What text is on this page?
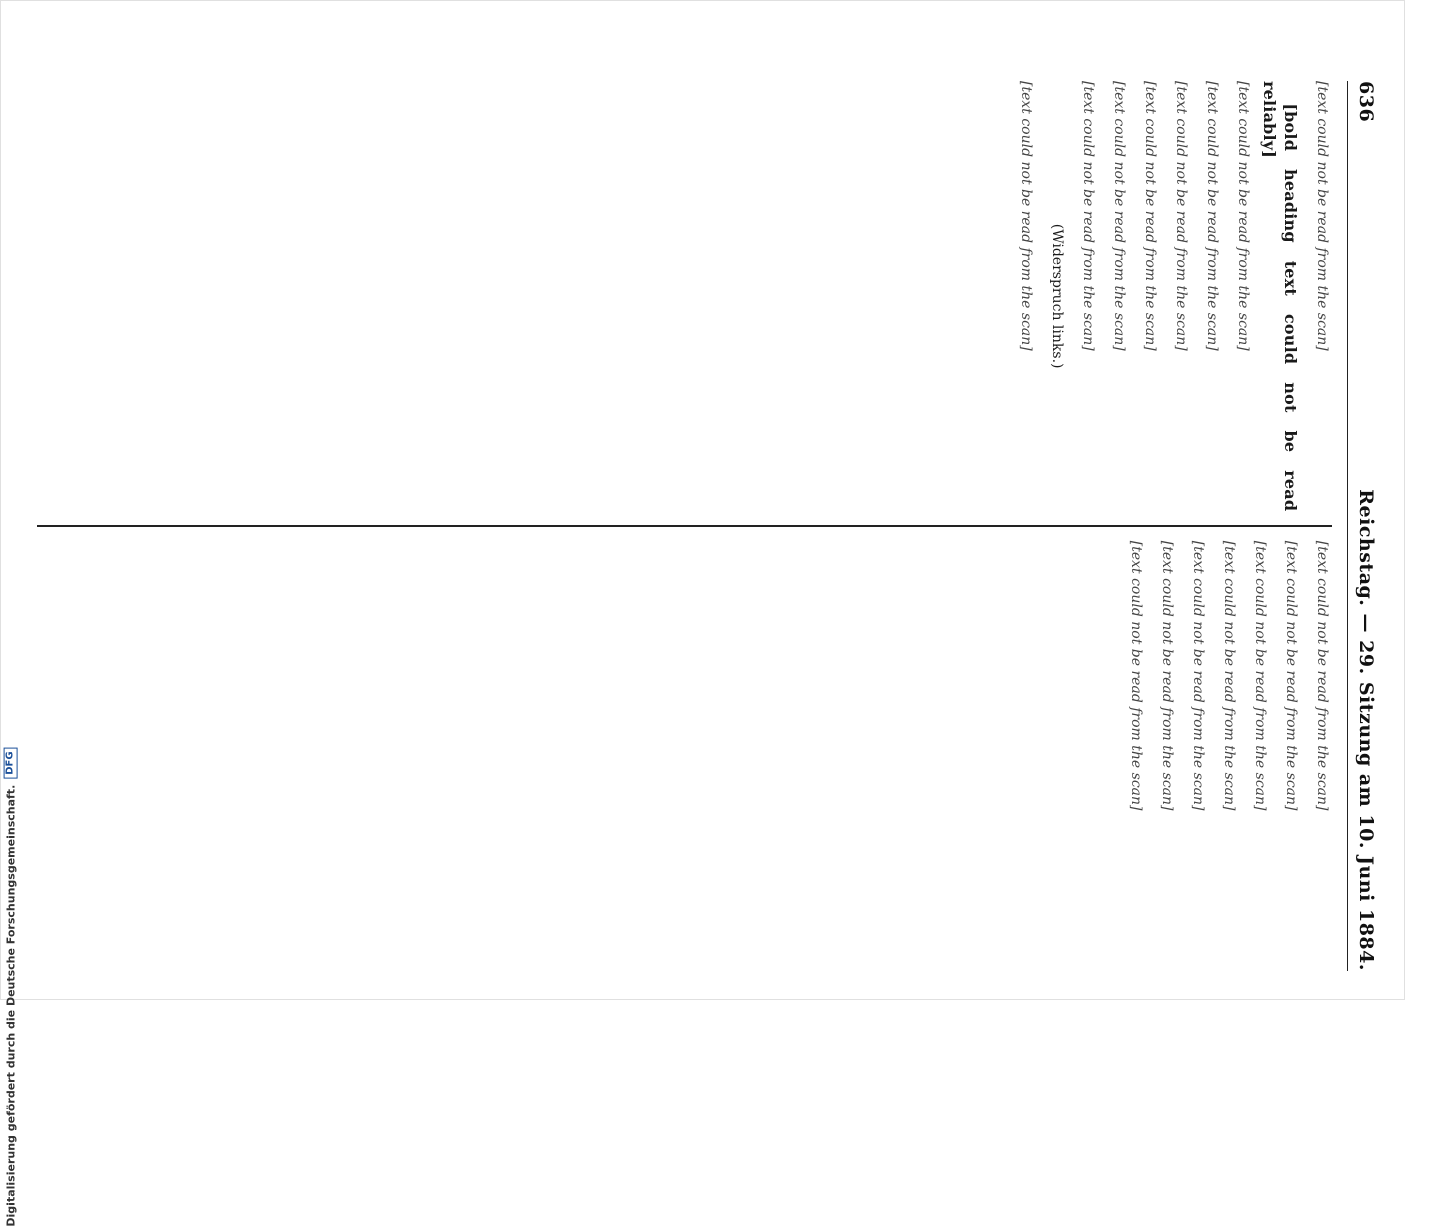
636
Reichstag. — 29. Sitzung am 10. Juni 1884.

[text could not be read from the scan]

[bold heading text could not be read reliably]

[text could not be read from the scan]
[text could not be read from the scan]
[text could not be read from the scan]
[text could not be read from the scan]
[text could not be read from the scan]
[text could not be read from the scan]

(Widerspruch links.)

[text could not be read from the scan]
[text could not be read from the scan]
[text could not be read from the scan]
[text could not be read from the scan]
[text could not be read from the scan]
[text could not be read from the scan]
[text could not be read from the scan]
[text could not be read from the scan]
Digitalisierung gefördert durch die Deutsche Forschungsgemeinschaft.
DFG
